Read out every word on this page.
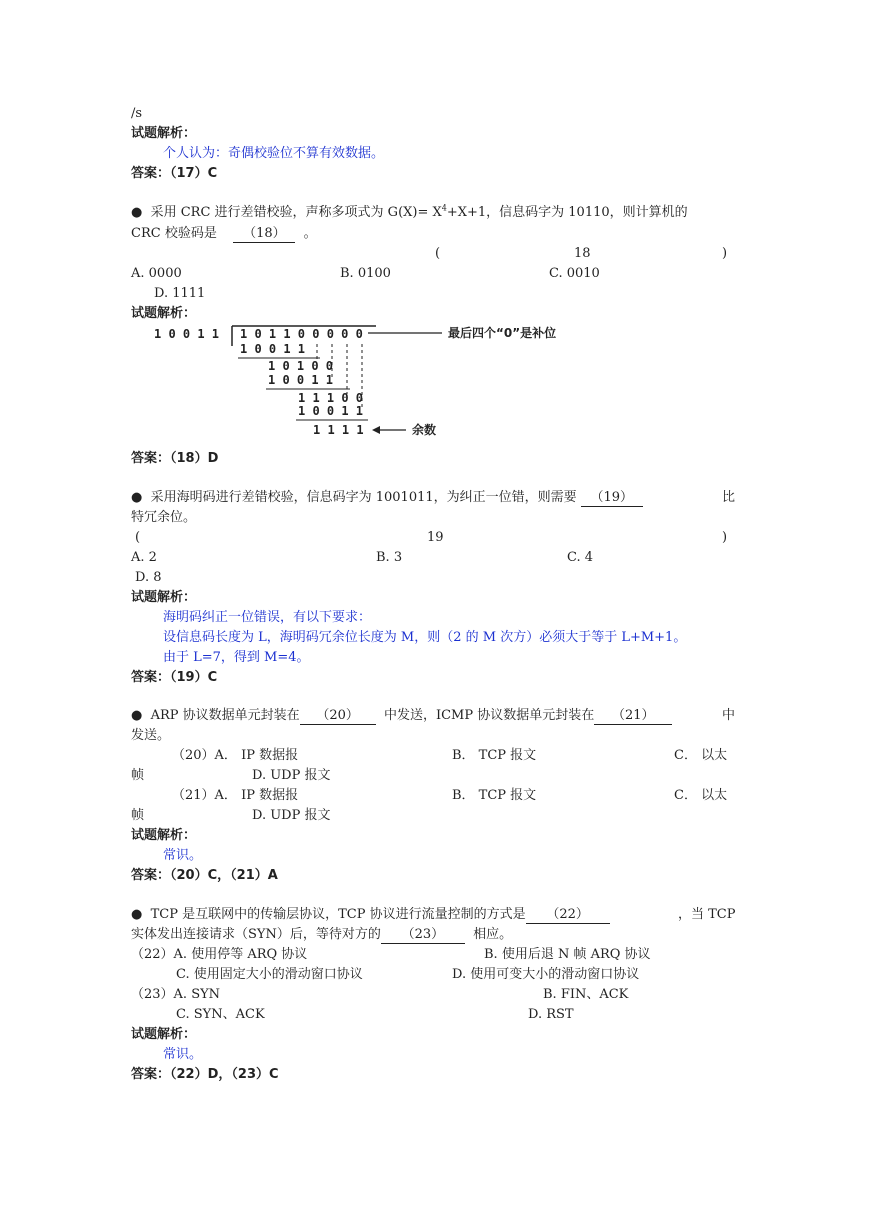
/s
试题解析：
个人认为：奇偶校验位不算有效数据。
答案：（17）C
●  采用 CRC 进行差错校验，声称多项式为 $G(X)= X^4+X+1$，信息码字为 10110，则计算机的
CRC 校验码是 （18） 。
(	18	)
A. 0000	B. 0100	C. 0010
D. 1111
试题解析：
1 0 0 1 1 1 0 1 1 0 0 0 0 0	最后四个“0”是补位
1 0 0 1 1
1 0 1 0 0
1 0 0 1 1
1 1 1 0 0
1 0 0 1 1
1 1 1 1	余数
答案：（18）D
●  采用海明码进行差错校验，信息码字为 1001011，为纠正一位错，则需要 （19）	比
特冗余位。
(	19	)
A. 2	B. 3	C. 4
D. 8
试题解析：
海明码纠正一位错误，有以下要求：
设信息码长度为 L，海明码冗余位长度为 M，则（2 的 M 次方）必须大于等于 L+M+1。
由于 L=7，得到 M=4。
答案：（19）C
●  ARP 协议数据单元封装在 （20） 中发送，ICMP 协议数据单元封装在 （21）	中
发送。
（20）A． IP 数据报	B． TCP 报文	C． 以太
帧	D. UDP 报文
（21）A． IP 数据报	B． TCP 报文	C． 以太
帧	D. UDP 报文
试题解析：
常识。
答案：（20）C，（21）A
●  TCP 是互联网中的传输层协议，TCP 协议进行流量控制的方式是 （22）	，当 TCP
实体发出连接请求（SYN）后，等待对方的 （23） 相应。
（22）A. 使用停等 ARQ 协议	B. 使用后退 N 帧 ARQ 协议
C. 使用固定大小的滑动窗口协议	D. 使用可变大小的滑动窗口协议
（23）A. SYN	B. FIN、ACK
C. SYN、ACK	D. RST
试题解析：
常识。
答案：（22）D，（23）C
